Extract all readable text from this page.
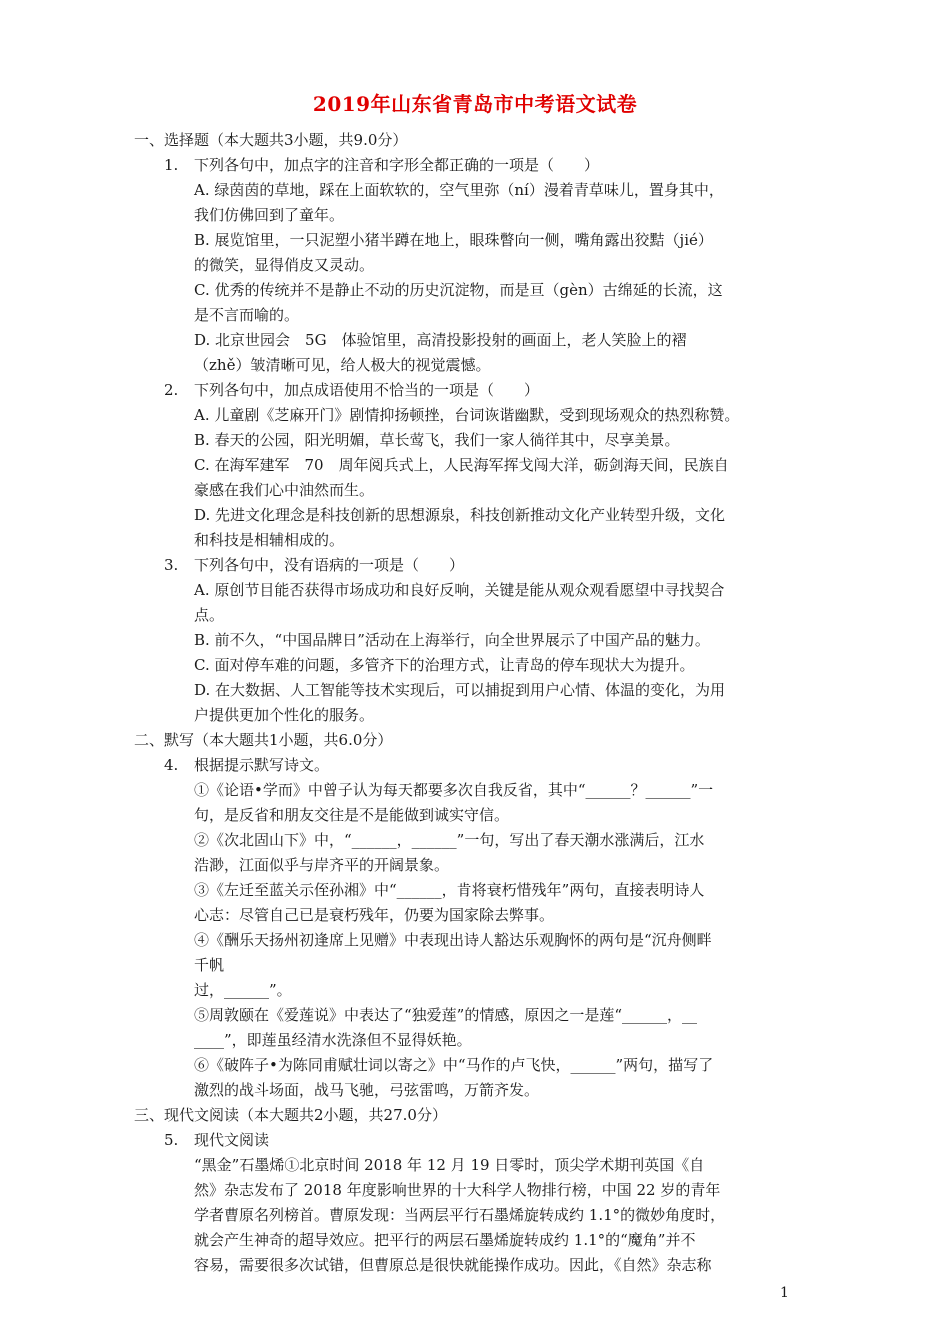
2019年山东省青岛市中考语文试卷
一、选择题（本大题共3小题，共9.0分）
1. 下列各句中，加点字的注音和字形全都正确的一项是（　　）
A. 绿茵茵的草地，踩在上面软软的，空气里弥（ní）漫着青草味儿，置身其中，
我们仿佛回到了童年。
B. 展览馆里，一只泥塑小猪半蹲在地上，眼珠瞥向一侧，嘴角露出狡黠（jié）
的微笑，显得俏皮又灵动。
C. 优秀的传统并不是静止不动的历史沉淀物，而是亘（gèn）古绵延的长流，这
是不言而喻的。
D. 北京世园会　5G　体验馆里，高清投影投射的画面上，老人笑脸上的褶
（zhě）皱清晰可见，给人极大的视觉震憾。
2. 下列各句中，加点成语使用不恰当的一项是（　　）
A. 儿童剧《芝麻开门》剧情抑扬顿挫，台词诙谐幽默，受到现场观众的热烈称赞。
B. 春天的公园，阳光明媚，草长莺飞，我们一家人徜徉其中，尽享美景。
C. 在海军建军　70　周年阅兵式上，人民海军挥戈闯大洋，砺剑海天间，民族自
豪感在我们心中油然而生。
D. 先进文化理念是科技创新的思想源泉，科技创新推动文化产业转型升级，文化
和科技是相辅相成的。
3. 下列各句中，没有语病的一项是（　　）
A. 原创节目能否获得市场成功和良好反响，关键是能从观众观看愿望中寻找契合
点。
B. 前不久，“中国品牌日”活动在上海举行，向全世界展示了中国产品的魅力。
C. 面对停车难的问题，多管齐下的治理方式，让青岛的停车现状大为提升。
D. 在大数据、人工智能等技术实现后，可以捕捉到用户心情、体温的变化，为用
户提供更加个性化的服务。
二、默写（本大题共1小题，共6.0分）
4. 根据提示默写诗文。
①《论语•学而》中曾子认为每天都要多次自我反省，其中“______？______”一
句，是反省和朋友交往是不是能做到诚实守信。
②《次北固山下》中，“______，______”一句，写出了春天潮水涨满后，江水
浩渺，江面似乎与岸齐平的开阔景象。
③《左迁至蓝关示侄孙湘》中“______，肯将衰朽惜残年”两句，直接表明诗人
心志：尽管自己已是衰朽残年，仍要为国家除去弊事。
④《酬乐天扬州初逢席上见赠》中表现出诗人豁达乐观胸怀的两句是“沉舟侧畔
千帆
过，______”。
⑤周敦颐在《爱莲说》中表达了“独爱莲”的情感，原因之一是莲“______，__
____”，即莲虽经清水洗涤但不显得妖艳。
⑥《破阵子•为陈同甫赋壮词以寄之》中“马作的卢飞快，______”两句，描写了
激烈的战斗场面，战马飞驰，弓弦雷鸣，万箭齐发。
三、现代文阅读（本大题共2小题，共27.0分）
5. 现代文阅读
“黑金”石墨烯①北京时间 2018 年 12 月 19 日零时，顶尖学术期刊英国《自
然》杂志发布了 2018 年度影响世界的十大科学人物排行榜，中国 22 岁的青年
学者曹原名列榜首。曹原发现：当两层平行石墨烯旋转成约 1.1°的微妙角度时，
就会产生神奇的超导效应。把平行的两层石墨烯旋转成约 1.1°的“魔角”并不
容易，需要很多次试错，但曹原总是很快就能操作成功。因此，《自然》杂志称
1
